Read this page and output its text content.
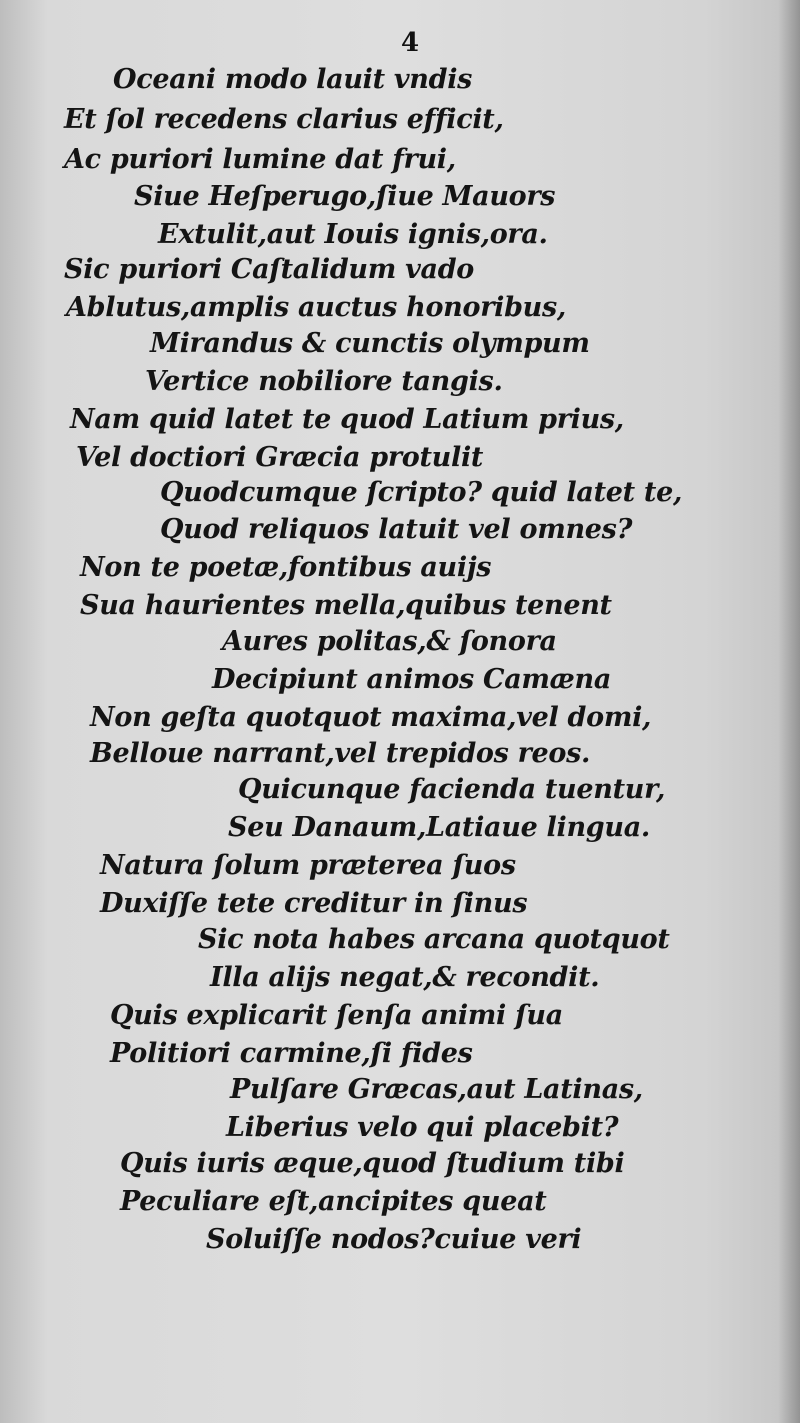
4
Oceani modo lauit vndis
Et ſol recedens clarius efficit,
Ac puriori lumine dat frui,
Siue Heſperugo,ſiue Mauors
Extulit,aut Iouis ignis,ora.
Sic puriori Caſtalidum vado
Ablutus,amplis auctus honoribus,
Mirandus & cunctis olympum
Vertice nobiliore tangis.
Nam quid latet te quod Latium prius,
Vel doctiori Græcia protulit
Quodcumque ſcripto? quid latet te,
Quod reliquos latuit vel omnes?
Non te poetæ,fontibus auijs
Sua haurientes mella,quibus tenent
Aures politas,& ſonora
Decipiunt animos Camæna
Non geſta quotquot maxima,vel domi,
Belloue narrant,vel trepidos reos.
Quicunque facienda tuentur,
Seu Danaum,Latiaue lingua.
Natura ſolum præterea ſuos
Duxiſſe tete creditur in ſinus
Sic nota habes arcana quotquot
Illa alijs negat,& recondit.
Quis explicarit ſenſa animi ſua
Politiori carmine,ſi fides
Pulſare Græcas,aut Latinas,
Liberius velo qui placebit?
Quis iuris æque,quod ſtudium tibi
Peculiare eſt,ancipites queat
Soluiſſe nodos?cuiue veri
